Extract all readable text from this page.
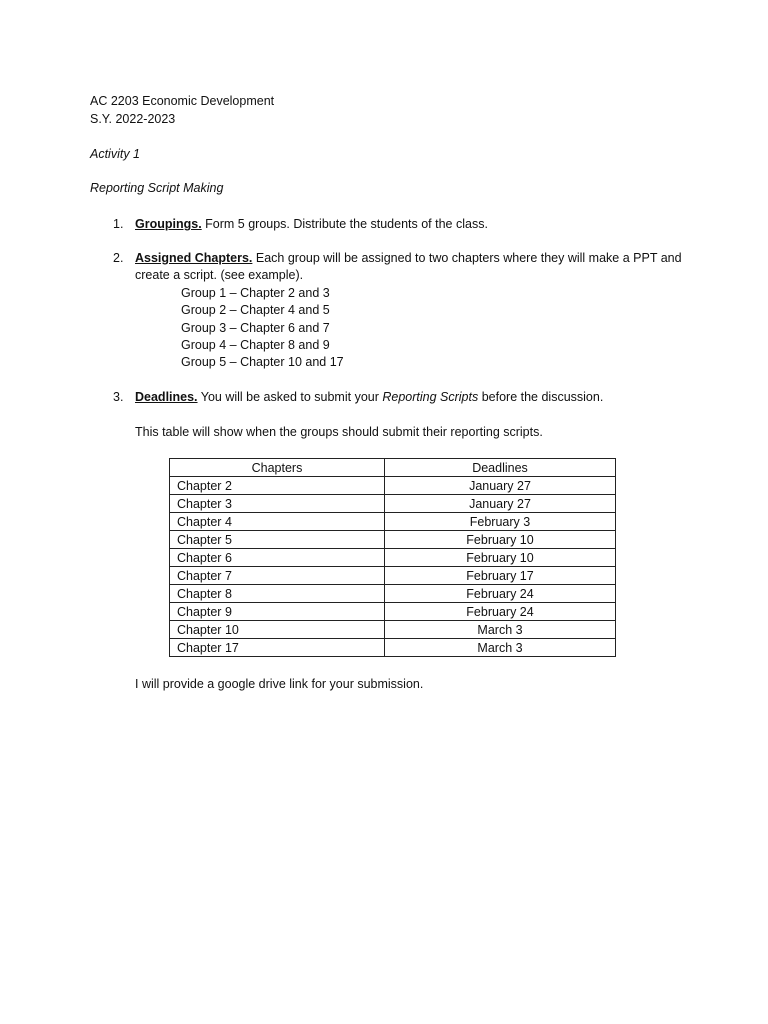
AC 2203 Economic Development
S.Y. 2022-2023
Activity 1
Reporting Script Making
1. Groupings. Form 5 groups. Distribute the students of the class.
2. Assigned Chapters. Each group will be assigned to two chapters where they will make a PPT and
create a script. (see example).
Group 1 – Chapter 2 and 3
Group 2 – Chapter 4 and 5
Group 3 – Chapter 6 and 7
Group 4 – Chapter 8 and 9
Group 5 – Chapter 10 and 17
3. Deadlines. You will be asked to submit your Reporting Scripts before the discussion.
This table will show when the groups should submit their reporting scripts.
Chapters	Deadlines
Chapter 2	January 27
Chapter 3	January 27
Chapter 4	February 3
Chapter 5	February 10
Chapter 6	February 10
Chapter 7	February 17
Chapter 8	February 24
Chapter 9	February 24
Chapter 10	March 3
Chapter 17	March 3
I will provide a google drive link for your submission.
